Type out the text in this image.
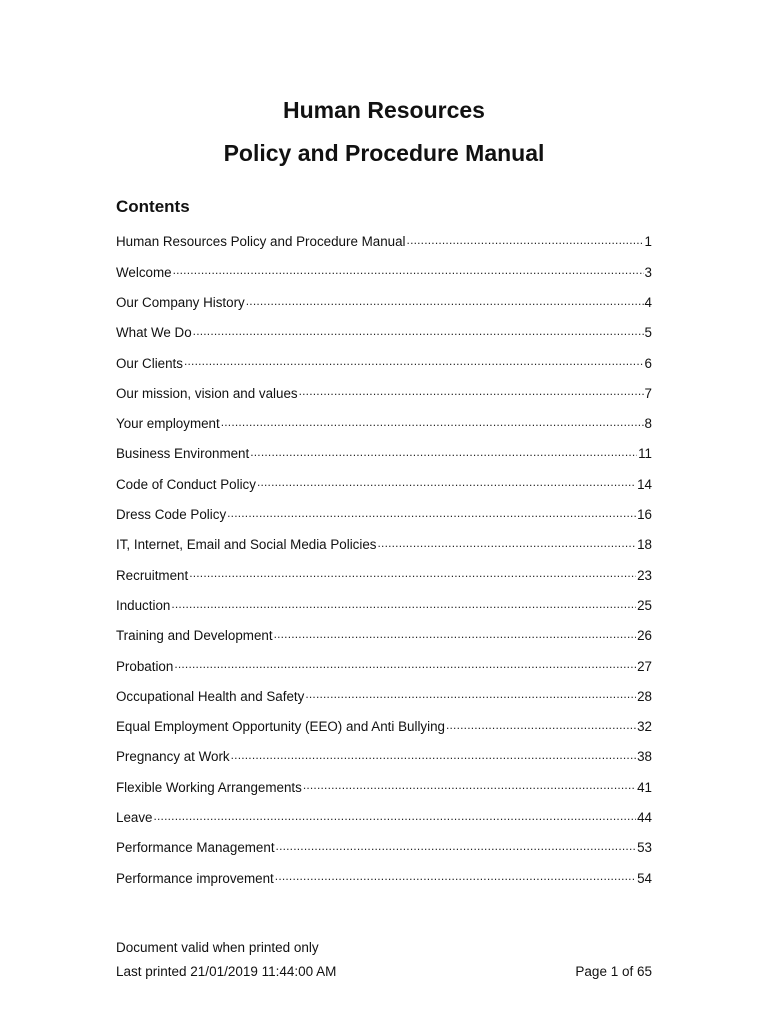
Human Resources
Policy and Procedure Manual
Contents
Human Resources Policy and Procedure Manual .....	1
Welcome .....	3
Our Company History .....	4
What We Do .....	5
Our Clients .....	6
Our mission, vision and values .....	7
Your employment .....	8
Business Environment .....	11
Code of Conduct Policy .....	14
Dress Code Policy .....	16
IT, Internet, Email and Social Media Policies .....	18
Recruitment .....	23
Induction .....	25
Training and Development .....	26
Probation .....	27
Occupational Health and Safety .....	28
Equal Employment Opportunity (EEO) and Anti Bullying .....	32
Pregnancy at Work .....	38
Flexible Working Arrangements .....	41
Leave .....	44
Performance Management .....	53
Performance improvement .....	54
Document valid when printed only
Last printed 21/01/2019 11:44:00 AM	Page 1 of 65
